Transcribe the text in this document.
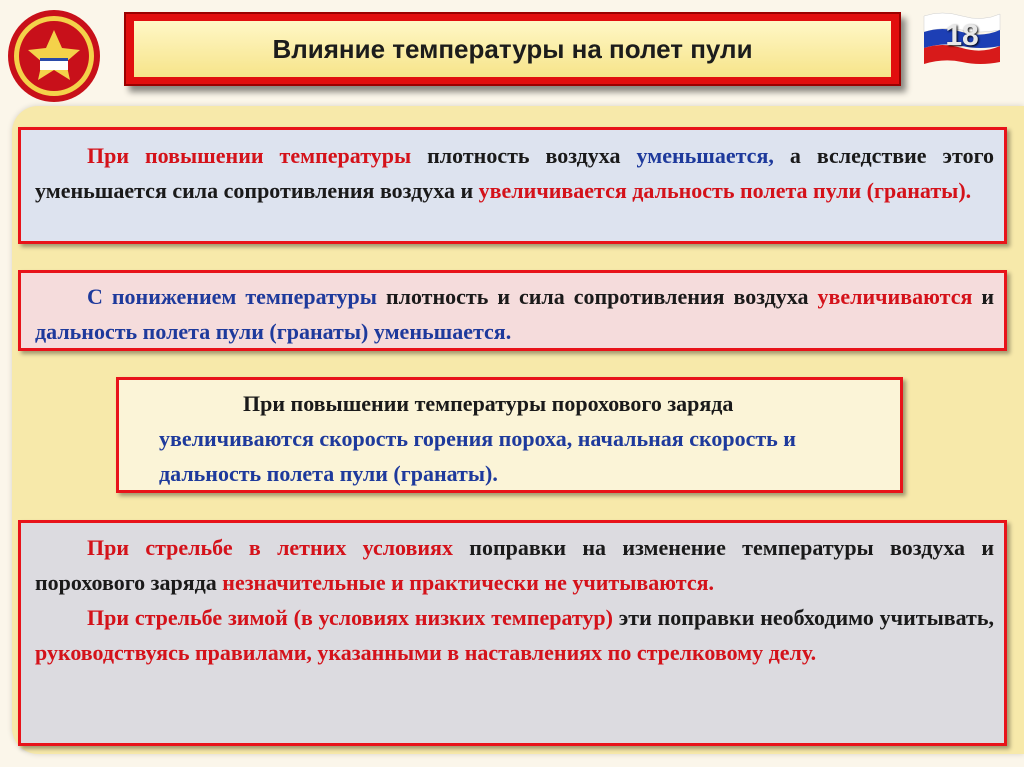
Влияние температуры на полет пули	18

При повышении температуры плотность воздуха уменьшается, а вследствие этого уменьшается сила сопротивления воздуха и увеличивается дальность полета пули (гранаты).

С понижением температуры плотность и сила сопротивления воздуха увеличиваются и дальность полета пули (гранаты) уменьшается.

При повышении температуры порохового заряда увеличиваются скорость горения пороха, начальная скорость и дальность полета пули (гранаты).

При стрельбе в летних условиях поправки на изменение температуры воздуха и порохового заряда незначительные и практически не учитываются.

При стрельбе зимой (в условиях низких температур) эти поправки необходимо учитывать, руководствуясь правилами, указанными в наставлениях по стрелковому делу.
